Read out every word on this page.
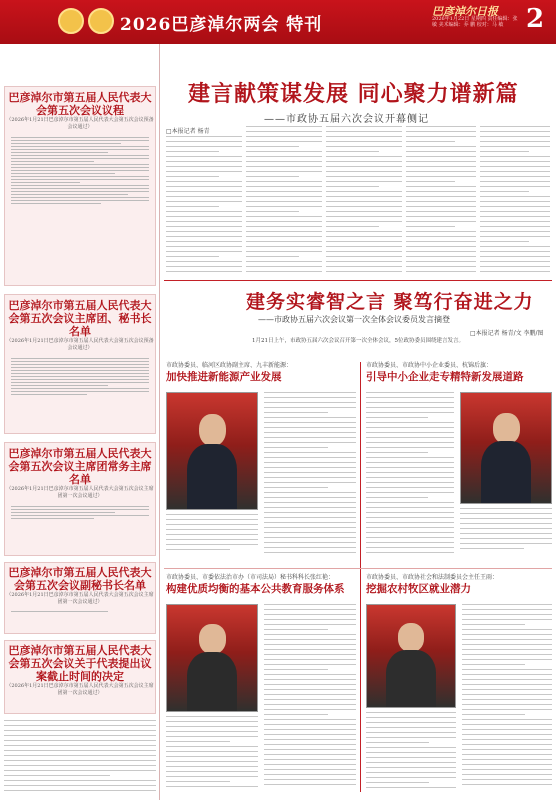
2026巴彦淖尔两会 特刊
巴彦淖尔日报
2026年1月22日 星期四 责任编辑：张 敏 美术编辑：乔 鹏 校对：马 敏 2
巴彦淖尔市第五届人民代表大会第五次会议议程
（2026年1月21日巴彦淖尔市第五届人民代表大会第五次会议预备会议通过）
巴彦淖尔市第五届人民代表大会第五次会议主席团、秘书长名单
（2026年1月21日巴彦淖尔市第五届人民代表大会第五次会议预备会议通过）
巴彦淖尔市第五届人民代表大会第五次会议主席团常务主席名单
（2026年1月21日巴彦淖尔市第五届人民代表大会第五次会议主席团第一次会议通过）
巴彦淖尔市第五届人民代表大会第五次会议副秘书长名单
（2026年1月21日巴彦淖尔市第五届人民代表大会第五次会议主席团第一次会议通过）
巴彦淖尔市第五届人民代表大会第五次会议关于代表提出议案截止时间的决定
（2026年1月21日巴彦淖尔市第五届人民代表大会第五次会议主席团第一次会议通过）
建言献策谋发展 同心聚力谱新篇
——市政协五届六次会议开幕侧记
□本报记者 杨青
建务实睿智之言 聚笃行奋进之力
——市政协五届六次会议第一次全体会议委员发言摘登
□本报记者 杨青/文 李鹏/图
1月21日上午，市政协五届六次会议召开第一次全体会议，5位政协委员围绕建言发言。
市政协委员、临河区政协副主席、九丰新能源：
加快推进新能源产业发展
市政协委员、市政协中小企业委员、杭锦后旗：
引导中小企业走专精特新发展道路
市政协委员、市委依法治市办（市司法局）秘书科科长张红艳：
构建优质均衡的基本公共教育服务体系
市政协委员、市政协社会和法制委员会主任王雨：
挖掘农村牧区就业潜力
